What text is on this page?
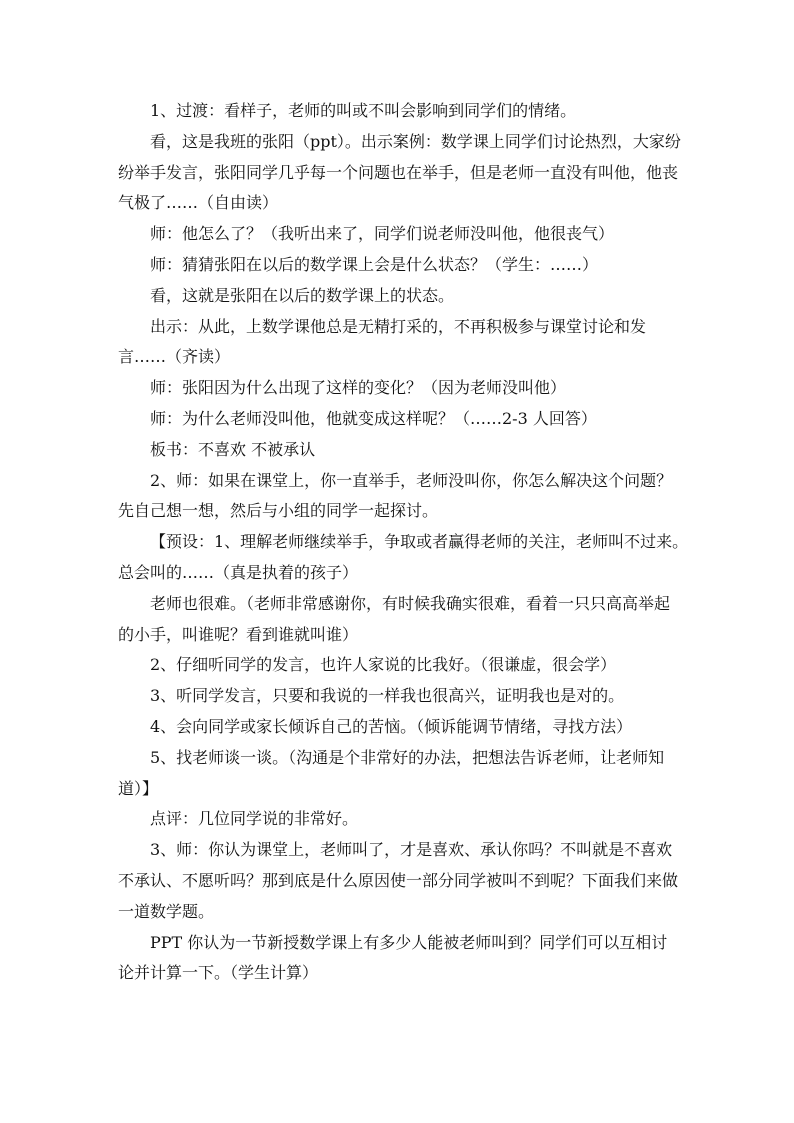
1、过渡：看样子，老师的叫或不叫会影响到同学们的情绪。
看，这是我班的张阳（ppt）。出示案例：数学课上同学们讨论热烈，大家纷
纷举手发言，张阳同学几乎每一个问题也在举手，但是老师一直没有叫他，他丧
气极了……（自由读）
师：他怎么了？（我听出来了，同学们说老师没叫他，他很丧气）
师：猜猜张阳在以后的数学课上会是什么状态？（学生：……）
看，这就是张阳在以后的数学课上的状态。
出示：从此，上数学课他总是无精打采的，不再积极参与课堂讨论和发
言……（齐读）
师：张阳因为什么出现了这样的变化？（因为老师没叫他）
师：为什么老师没叫他，他就变成这样呢？（……2-3 人回答）
板书：不喜欢 不被承认
2、师：如果在课堂上，你一直举手，老师没叫你，你怎么解决这个问题？
先自己想一想，然后与小组的同学一起探讨。
【预设：1、理解老师继续举手，争取或者赢得老师的关注，老师叫不过来。
总会叫的……（真是执着的孩子）
老师也很难。（老师非常感谢你，有时候我确实很难，看着一只只高高举起
的小手，叫谁呢？看到谁就叫谁）
2、仔细听同学的发言，也许人家说的比我好。（很谦虚，很会学）
3、听同学发言，只要和我说的一样我也很高兴，证明我也是对的。
4、会向同学或家长倾诉自己的苦恼。（倾诉能调节情绪，寻找方法）
5、找老师谈一谈。（沟通是个非常好的办法，把想法告诉老师，让老师知
道）】
点评：几位同学说的非常好。
3、师：你认为课堂上，老师叫了，才是喜欢、承认你吗？不叫就是不喜欢
不承认、不愿听吗？那到底是什么原因使一部分同学被叫不到呢？下面我们来做
一道数学题。
PPT 你认为一节新授数学课上有多少人能被老师叫到？同学们可以互相讨
论并计算一下。（学生计算）
